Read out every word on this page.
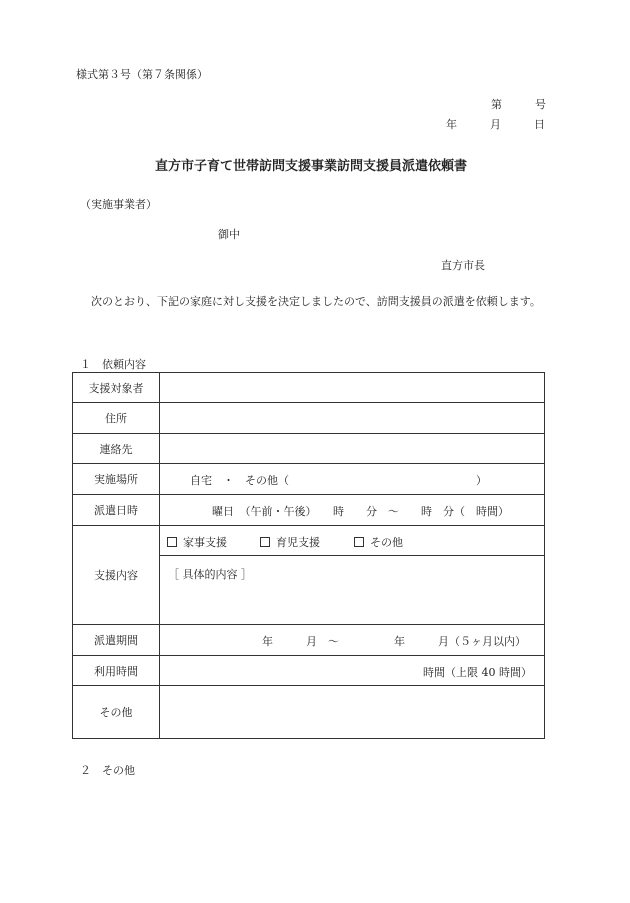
様式第３号（第７条関係）
第　　　号
年　　　月　　　日
直方市子育て世帯訪問支援事業訪問支援員派遣依頼書
（実施事業者）
御中
直方市長
次のとおり、下記の家庭に対し支援を決定しましたので、訪問支援員の派遣を依頼します。
１　依頼内容
支援対象者	
住所	
連絡先	
実施場所	自宅　・　その他（　　　　　　　　　　　　　　　　　）

派遣日時	曜日　（午前・午後）　　時　　分　～　　時　分（　時間）

支援内容	家事支援 育児支援 その他

	［ 具体的内容 ］

派遣期間	年　　　月　～　　　　　年　　　月（５ヶ月以内）

利用時間	時間（上限 40 時間）

その他	
２　その他
